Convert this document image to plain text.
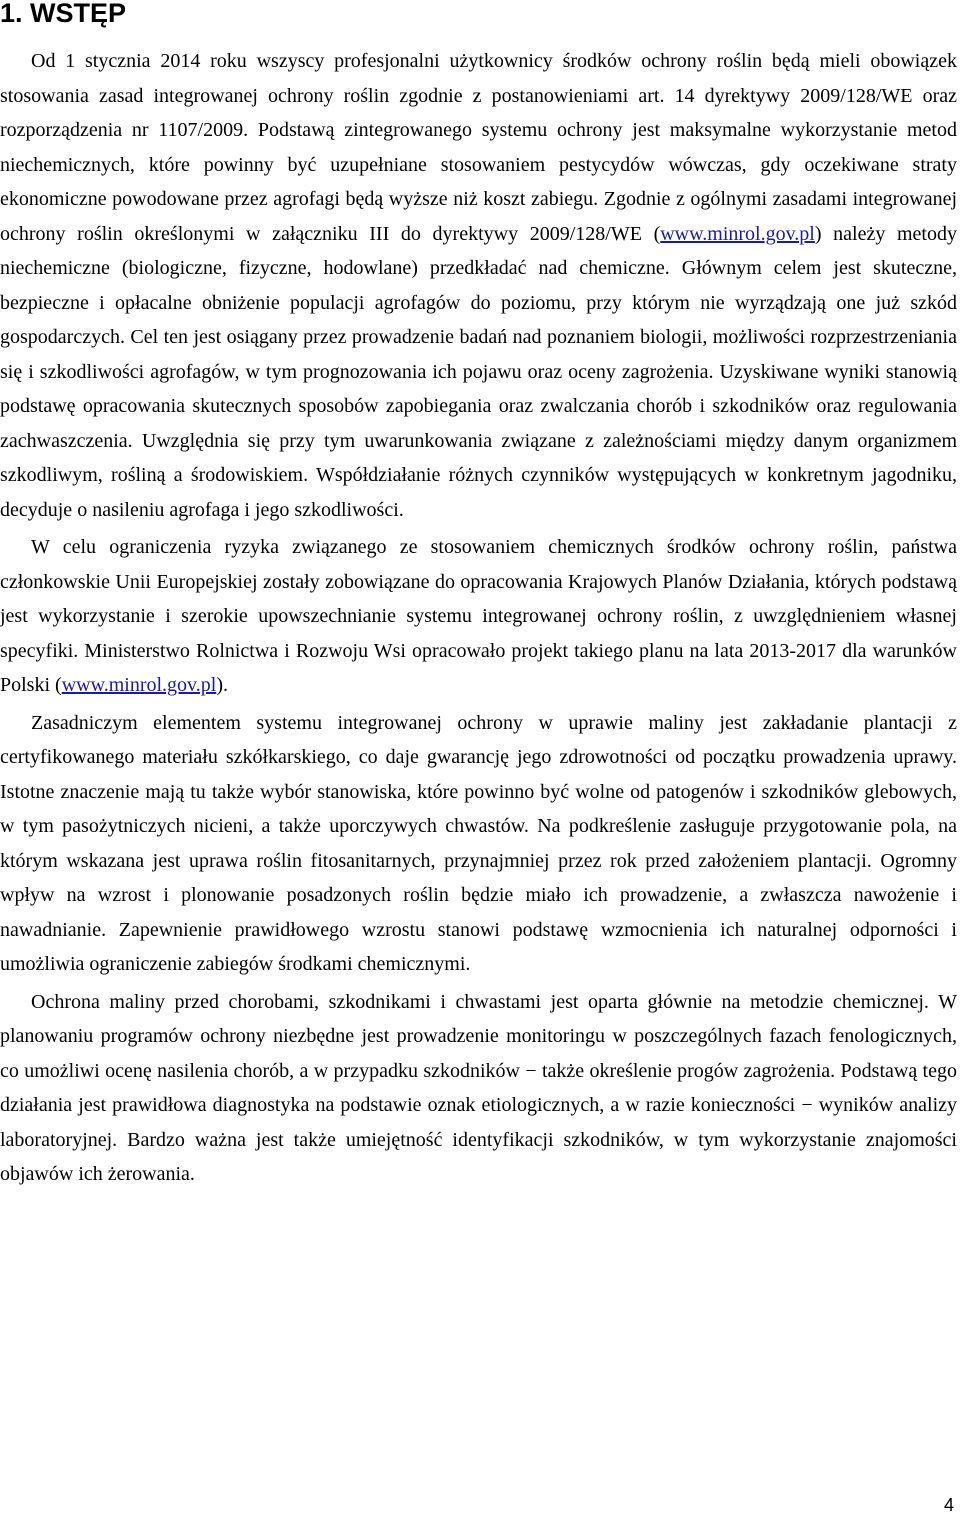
1. WSTĘP

Od 1 stycznia 2014 roku wszyscy profesjonalni użytkownicy środków ochrony roślin będą mieli obowiązek stosowania zasad integrowanej ochrony roślin zgodnie z postanowieniami art. 14 dyrektywy 2009/128/WE oraz rozporządzenia nr 1107/2009. Podstawą zintegrowanego systemu ochrony jest maksymalne wykorzystanie metod niechemicznych, które powinny być uzupełniane stosowaniem pestycydów wówczas, gdy oczekiwane straty ekonomiczne powodowane przez agrofagi będą wyższe niż koszt zabiegu. Zgodnie z ogólnymi zasadami integrowanej ochrony roślin określonymi w załączniku III do dyrektywy 2009/128/WE (www.minrol.gov.pl) należy metody niechemiczne (biologiczne, fizyczne, hodowlane) przedkładać nad chemiczne. Głównym celem jest skuteczne, bezpieczne i opłacalne obniżenie populacji agrofagów do poziomu, przy którym nie wyrządzają one już szkód gospodarczych. Cel ten jest osiągany przez prowadzenie badań nad poznaniem biologii, możliwości rozprzestrzeniania się i szkodliwości agrofagów, w tym prognozowania ich pojawu oraz oceny zagrożenia. Uzyskiwane wyniki stanowią podstawę opracowania skutecznych sposobów zapobiegania oraz zwalczania chorób i szkodników oraz regulowania zachwaszczenia. Uwzględnia się przy tym uwarunkowania związane z zależnościami między danym organizmem szkodliwym, rośliną a środowiskiem. Współdziałanie różnych czynników występujących w konkretnym jagodniku, decyduje o nasileniu agrofaga i jego szkodliwości.

W celu ograniczenia ryzyka związanego ze stosowaniem chemicznych środków ochrony roślin, państwa członkowskie Unii Europejskiej zostały zobowiązane do opracowania Krajowych Planów Działania, których podstawą jest wykorzystanie i szerokie upowszechnianie systemu integrowanej ochrony roślin, z uwzględnieniem własnej specyfiki. Ministerstwo Rolnictwa i Rozwoju Wsi opracowało projekt takiego planu na lata 2013-2017 dla warunków Polski (www.minrol.gov.pl).

Zasadniczym elementem systemu integrowanej ochrony w uprawie maliny jest zakładanie plantacji z certyfikowanego materiału szkółkarskiego, co daje gwarancję jego zdrowotności od początku prowadzenia uprawy. Istotne znaczenie mają tu także wybór stanowiska, które powinno być wolne od patogenów i szkodników glebowych, w tym pasożytniczych nicieni, a także uporczywych chwastów. Na podkreślenie zasługuje przygotowanie pola, na którym wskazana jest uprawa roślin fitosanitarnych, przynajmniej przez rok przed założeniem plantacji. Ogromny wpływ na wzrost i plonowanie posadzonych roślin będzie miało ich prowadzenie, a zwłaszcza nawożenie i nawadnianie. Zapewnienie prawidłowego wzrostu stanowi podstawę wzmocnienia ich naturalnej odporności i umożliwia ograniczenie zabiegów środkami chemicznymi.

Ochrona maliny przed chorobami, szkodnikami i chwastami jest oparta głównie na metodzie chemicznej. W planowaniu programów ochrony niezbędne jest prowadzenie monitoringu w poszczególnych fazach fenologicznych, co umożliwi ocenę nasilenia chorób, a w przypadku szkodników − także określenie progów zagrożenia. Podstawą tego działania jest prawidłowa diagnostyka na podstawie oznak etiologicznych, a w razie konieczności − wyników analizy laboratoryjnej. Bardzo ważna jest także umiejętność identyfikacji szkodników, w tym wykorzystanie znajomości objawów ich żerowania.

4
